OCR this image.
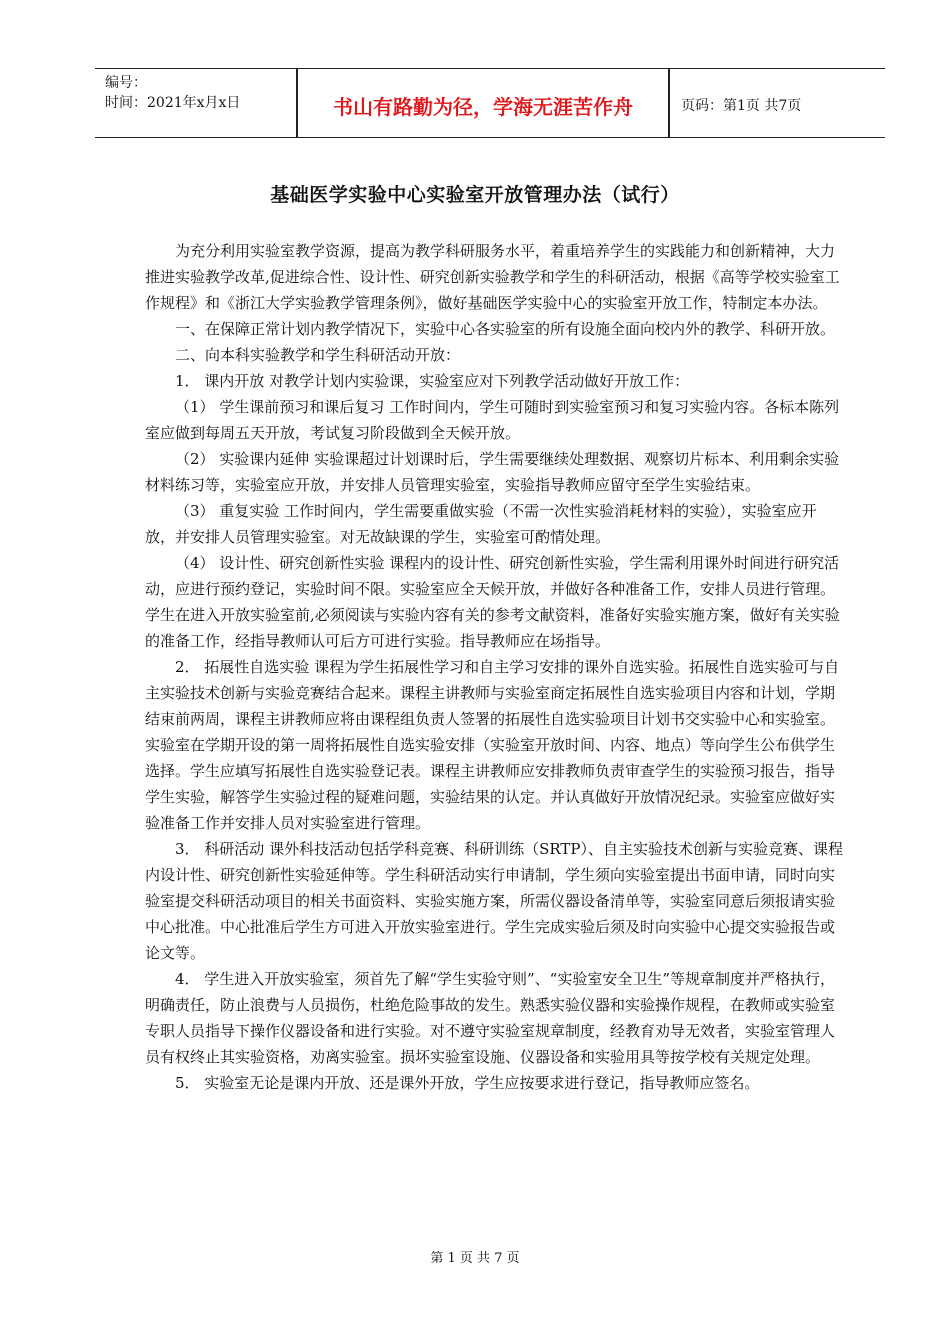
编号：
时间：2021年x月x日	书山有路勤为径，学海无涯苦作舟	页码：第1页 共7页
基础医学实验中心实验室开放管理办法（试行）

为充分利用实验室教学资源，提高为教学科研服务水平，着重培养学生的实践能力和创新精神，大力推进实验教学改革,促进综合性、设计性、研究创新实验教学和学生的科研活动，根据《高等学校实验室工作规程》和《浙江大学实验教学管理条例》，做好基础医学实验中心的实验室开放工作，特制定本办法。

一、在保障正常计划内教学情况下，实验中心各实验室的所有设施全面向校内外的教学、科研开放。

二、向本科实验教学和学生科研活动开放：

1． 课内开放 对教学计划内实验课，实验室应对下列教学活动做好开放工作：

（1） 学生课前预习和课后复习 工作时间内，学生可随时到实验室预习和复习实验内容。各标本陈列室应做到每周五天开放，考试复习阶段做到全天候开放。

（2） 实验课内延伸 实验课超过计划课时后，学生需要继续处理数据、观察切片标本、利用剩余实验材料练习等，实验室应开放，并安排人员管理实验室，实验指导教师应留守至学生实验结束。

（3） 重复实验 工作时间内，学生需要重做实验（不需一次性实验消耗材料的实验），实验室应开放，并安排人员管理实验室。对无故缺课的学生，实验室可酌情处理。

（4） 设计性、研究创新性实验 课程内的设计性、研究创新性实验，学生需利用课外时间进行研究活动，应进行预约登记，实验时间不限。实验室应全天候开放，并做好各种准备工作，安排人员进行管理。学生在进入开放实验室前,必须阅读与实验内容有关的参考文献资料，准备好实验实施方案，做好有关实验的准备工作，经指导教师认可后方可进行实验。指导教师应在场指导。

2． 拓展性自选实验 课程为学生拓展性学习和自主学习安排的课外自选实验。拓展性自选实验可与自主实验技术创新与实验竞赛结合起来。课程主讲教师与实验室商定拓展性自选实验项目内容和计划，学期结束前两周，课程主讲教师应将由课程组负责人签署的拓展性自选实验项目计划书交实验中心和实验室。实验室在学期开设的第一周将拓展性自选实验安排（实验室开放时间、内容、地点）等向学生公布供学生选择。学生应填写拓展性自选实验登记表。课程主讲教师应安排教师负责审查学生的实验预习报告，指导学生实验，解答学生实验过程的疑难问题，实验结果的认定。并认真做好开放情况纪录。实验室应做好实验准备工作并安排人员对实验室进行管理。

3． 科研活动 课外科技活动包括学科竞赛、科研训练（SRTP）、自主实验技术创新与实验竞赛、课程内设计性、研究创新性实验延伸等。学生科研活动实行申请制，学生须向实验室提出书面申请，同时向实验室提交科研活动项目的相关书面资料、实验实施方案，所需仪器设备清单等，实验室同意后须报请实验中心批准。中心批准后学生方可进入开放实验室进行。学生完成实验后须及时向实验中心提交实验报告或论文等。

4． 学生进入开放实验室，须首先了解“学生实验守则”、“实验室安全卫生”等规章制度并严格执行，明确责任，防止浪费与人员损伤，杜绝危险事故的发生。熟悉实验仪器和实验操作规程，在教师或实验室专职人员指导下操作仪器设备和进行实验。对不遵守实验室规章制度，经教育劝导无效者，实验室管理人员有权终止其实验资格，劝离实验室。损坏实验室设施、仪器设备和实验用具等按学校有关规定处理。

5． 实验室无论是课内开放、还是课外开放，学生应按要求进行登记，指导教师应签名。

第 1 页 共 7 页
